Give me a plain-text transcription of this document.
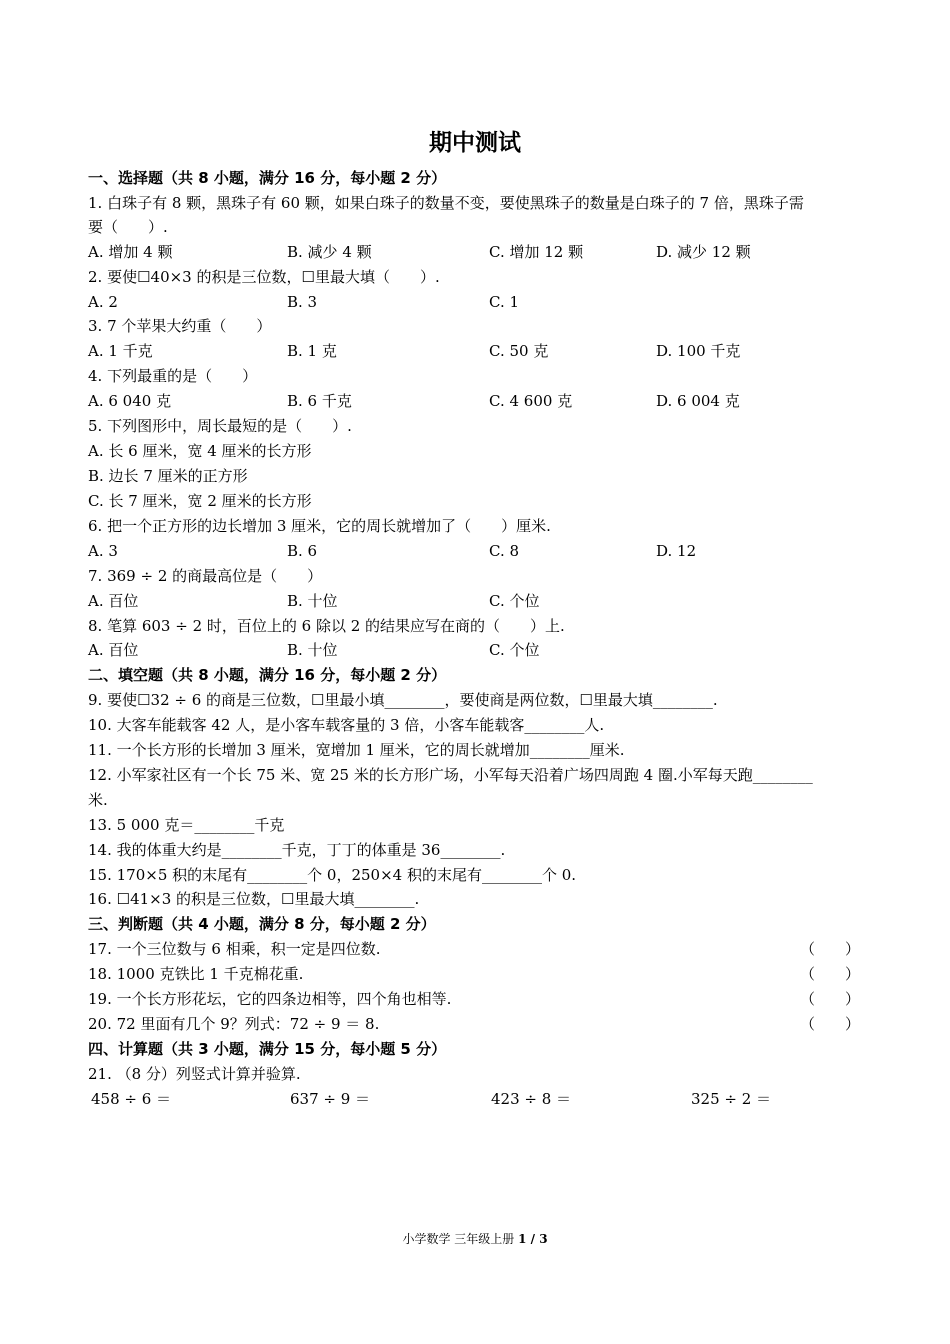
期中测试
一、选择题（共 8 小题，满分 16 分，每小题 2 分）
1. 白珠子有 8 颗，黑珠子有 60 颗，如果白珠子的数量不变，要使黑珠子的数量是白珠子的 7 倍，黑珠子需
要（　　）.
A. 增加 4 颗	B. 减少 4 颗	C. 增加 12 颗	D. 减少 12 颗
2. 要使☐40×3 的积是三位数，☐里最大填（　　）.
A. 2	B. 3	C. 1
3. 7 个苹果大约重（　　）
A. 1 千克	B. 1 克	C. 50 克	D. 100 千克
4. 下列最重的是（　　）
A. 6 040 克	B. 6 千克	C. 4 600 克	D. 6 004 克
5. 下列图形中，周长最短的是（　　）.
A. 长 6 厘米，宽 4 厘米的长方形
B. 边长 7 厘米的正方形
C. 长 7 厘米，宽 2 厘米的长方形
6. 把一个正方形的边长增加 3 厘米，它的周长就增加了（　　）厘米.
A. 3	B. 6	C. 8	D. 12
7. 369 ÷ 2 的商最高位是（　　）
A. 百位	B. 十位	C. 个位
8. 笔算 603 ÷ 2 时，百位上的 6 除以 2 的结果应写在商的（　　）上.
A. 百位	B. 十位	C. 个位
二、填空题（共 8 小题，满分 16 分，每小题 2 分）
9. 要使☐32 ÷ 6 的商是三位数，☐里最小填________，要使商是两位数，☐里最大填________.
10. 大客车能载客 42 人，是小客车载客量的 3 倍，小客车能载客________人.
11. 一个长方形的长增加 3 厘米，宽增加 1 厘米，它的周长就增加________厘米.
12. 小军家社区有一个长 75 米、宽 25 米的长方形广场，小军每天沿着广场四周跑 4 圈.小军每天跑________
米.
13. 5 000 克＝________千克
14. 我的体重大约是________千克，丁丁的体重是 36________.
15. 170×5 积的末尾有________个 0，250×4 积的末尾有________个 0.
16. ☐41×3 的积是三位数，☐里最大填________.
三、判断题（共 4 小题，满分 8 分，每小题 2 分）
17. 一个三位数与 6 相乘，积一定是四位数.	（　　）
18. 1000 克铁比 1 千克棉花重.	（　　）
19. 一个长方形花坛，它的四条边相等，四个角也相等.	（　　）
20. 72 里面有几个 9？列式：72 ÷ 9 ＝ 8.	（　　）
四、计算题（共 3 小题，满分 15 分，每小题 5 分）
21. （8 分）列竖式计算并验算.
458 ÷ 6 ＝	637 ÷ 9 ＝	423 ÷ 8 ＝	325 ÷ 2 ＝
小学数学 三年级上册 1 / 3
